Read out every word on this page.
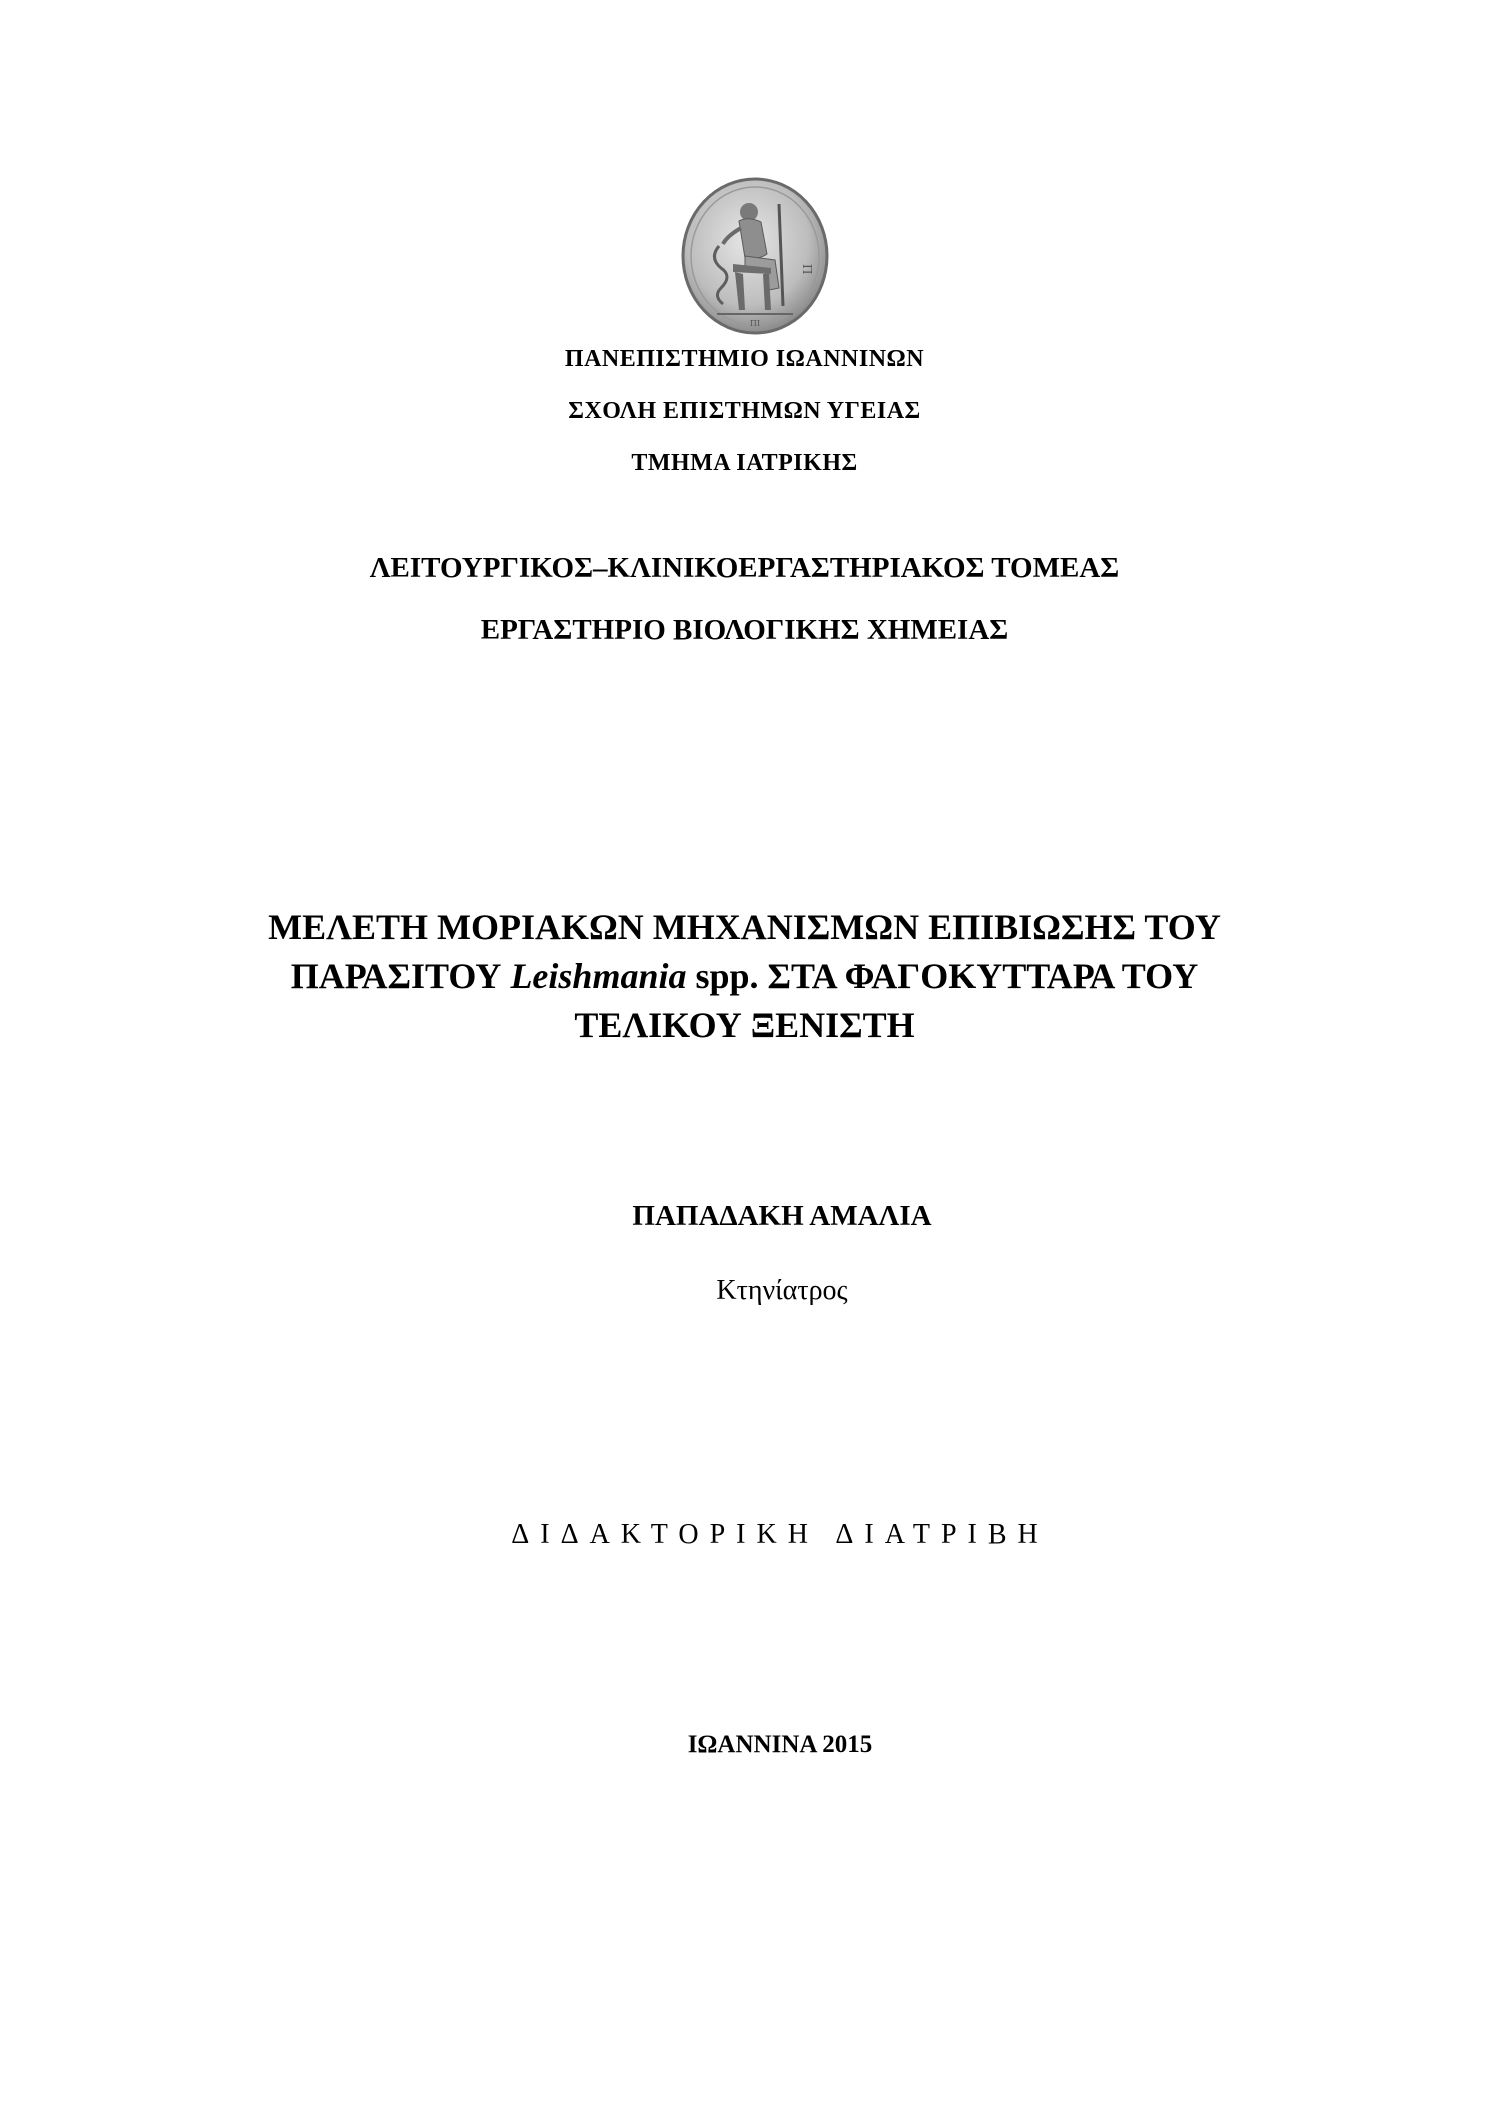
ΠΙ
Π
ΠΑΝΕΠΙΣΤΗΜΙΟ ΙΩΑΝΝΙΝΩΝ
ΣΧΟΛΗ ΕΠΙΣΤΗΜΩΝ ΥΓΕΙΑΣ
ΤΜΗΜΑ ΙΑΤΡΙΚΗΣ
ΛΕΙΤΟΥΡΓΙΚΟΣ–ΚΛΙΝΙΚΟΕΡΓΑΣΤΗΡΙΑΚΟΣ ΤΟΜΕΑΣ
ΕΡΓΑΣΤΗΡΙΟ ΒΙΟΛΟΓΙΚΗΣ ΧΗΜΕΙΑΣ
ΜΕΛΕΤΗ ΜΟΡΙΑΚΩΝ ΜΗΧΑΝΙΣΜΩΝ ΕΠΙΒΙΩΣΗΣ ΤΟΥ
ΠΑΡΑΣΙΤΟΥ Leishmania spp. ΣΤΑ ΦΑΓΟΚΥΤΤΑΡΑ ΤΟΥ
ΤΕΛΙΚΟΥ ΞΕΝΙΣΤΗ
ΠΑΠΑΔΑΚΗ ΑΜΑΛΙΑ
Κτηνίατρος
ΔΙΔΑΚΤΟΡΙΚΗ ΔΙΑΤΡΙΒΗ
ΙΩΑΝΝΙΝΑ 2015
